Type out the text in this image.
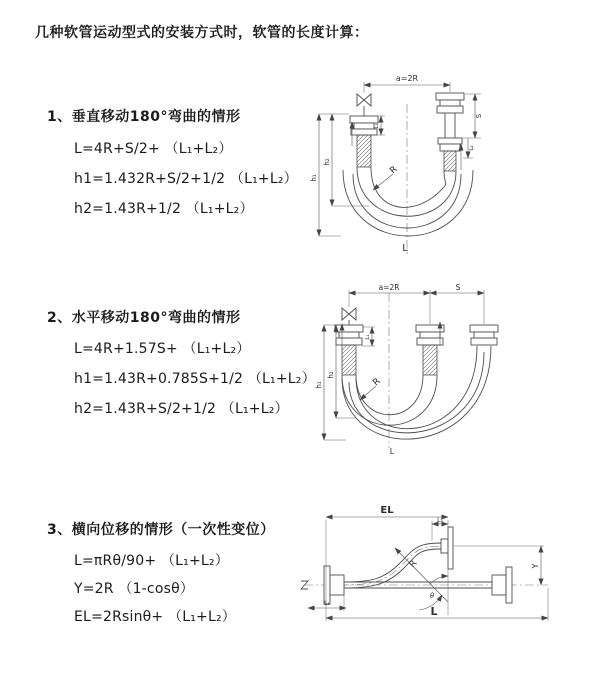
几种软管运动型式的安装方式时，软管的长度计算：
1、垂直移动180°弯曲的情形
L=4R+S/2+ （L₁+L₂）
h1=1.432R+S/2+1/2 （L₁+L₂）
h2=1.43R+1/2 （L₁+L₂）
2、水平移动180°弯曲的情形
L=4R+1.57S+ （L₁+L₂）
h1=1.43R+0.785S+1/2 （L₁+L₂）
h2=1.43R+S/2+1/2 （L₁+L₂）
3、横向位移的情形（一次性变位）
L=πRθ/90+ （L₁+L₂）
Y=2R （1-cosθ）
EL=2Rsinθ+ （L₁+L₂）
a=2R
S
L₂
L₁
h₁
h₂
R
L
a=2R	S
L₁
h₁
h₂
R
L
EL
L₂
Y
R
θ
L₁
L
